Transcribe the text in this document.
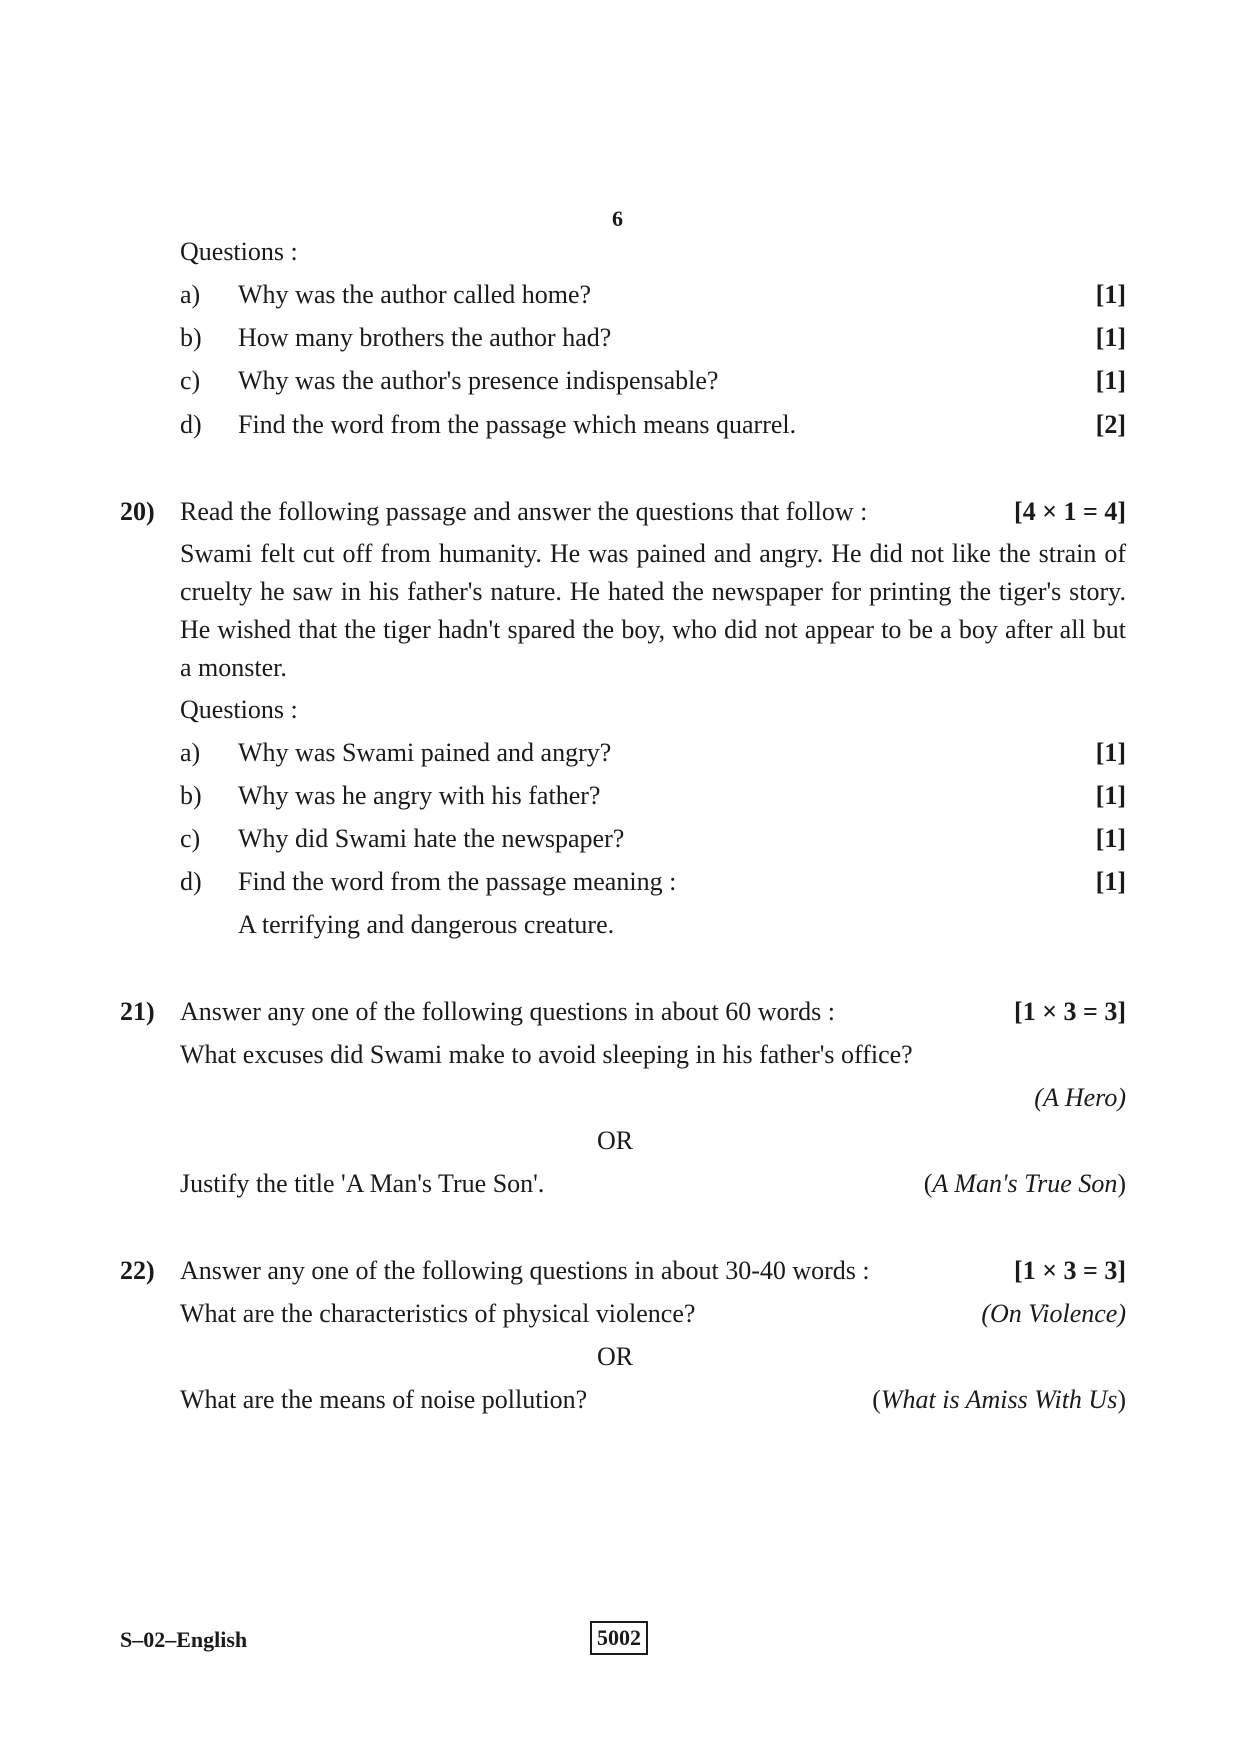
6
Questions :
a) Why was the author called home?	[1]
b) How many brothers the author had?	[1]
c) Why was the author's presence indispensable?	[1]
d) Find the word from the passage which means quarrel.	[2]
20) Read the following passage and answer the questions that follow :	[4 × 1 = 4]
Swami felt cut off from humanity. He was pained and angry. He did not like the strain of cruelty he saw in his father's nature. He hated the newspaper for printing the tiger's story. He wished that the tiger hadn't spared the boy, who did not appear to be a boy after all but a monster.
Questions :
a) Why was Swami pained and angry?	[1]
b) Why was he angry with his father?	[1]
c) Why did Swami hate the newspaper?	[1]
d) Find the word from the passage meaning :	[1]
A terrifying and dangerous creature.
21) Answer any one of the following questions in about 60 words :	[1 × 3 = 3]
What excuses did Swami make to avoid sleeping in his father's office?
(A Hero)
OR
Justify the title 'A Man's True Son'.	(A Man's True Son)
22) Answer any one of the following questions in about 30-40 words :	[1 × 3 = 3]
What are the characteristics of physical violence?	(On Violence)
OR
What are the means of noise pollution?	(What is Amiss With Us)
S–02–English	5002
